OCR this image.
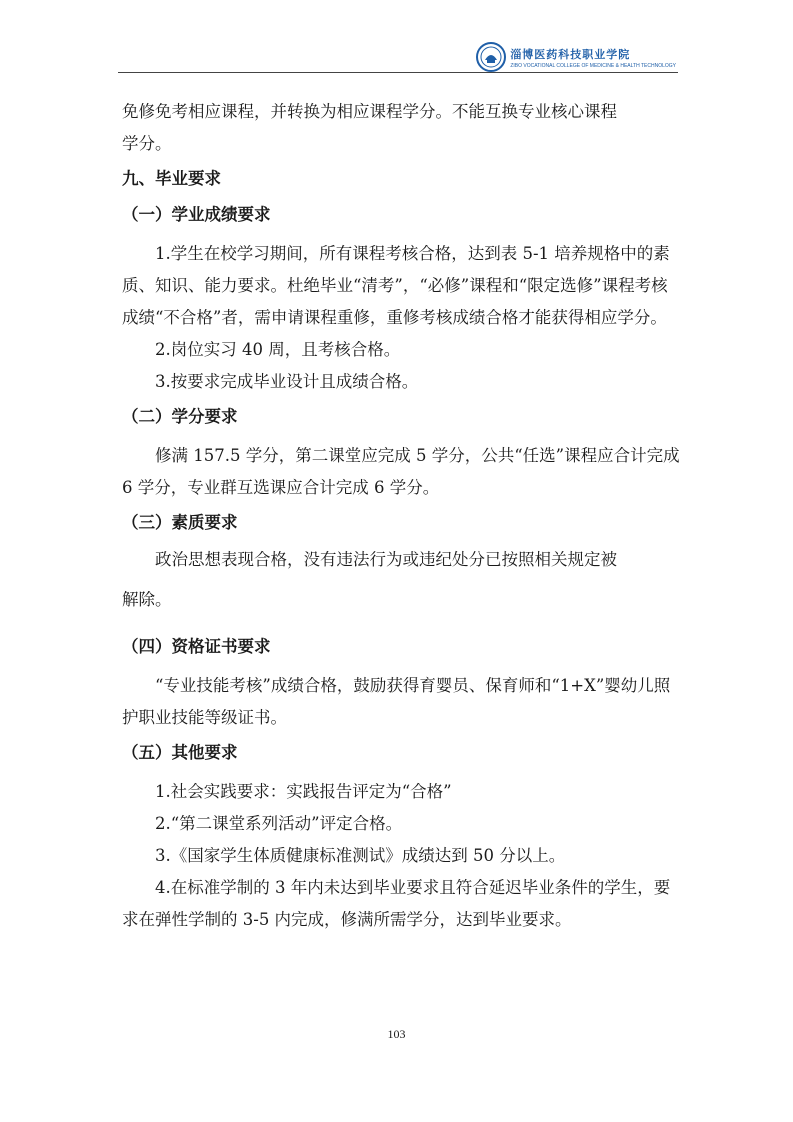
淄博医药科技职业学院
ZIBO VOCATIONAL COLLEGE OF MEDICINE & HEALTH TECHNOLOGY

免修免考相应课程，并转换为相应课程学分。不能互换专业核心课程
学分。

九、毕业要求
（一）学业成绩要求

1.学生在校学习期间，所有课程考核合格，达到表 5-1 培养规格中的素质、知识、能力要求。杜绝毕业“清考”，“必修”课程和“限定选修”课程考核成绩“不合格”者，需申请课程重修，重修考核成绩合格才能获得相应学分。

2.岗位实习 40 周，且考核合格。

3.按要求完成毕业设计且成绩合格。

（二）学分要求

修满 157.5 学分，第二课堂应完成 5 学分，公共“任选”课程应合计完成 6 学分，专业群互选课应合计完成 6 学分。

（三）素质要求

政治思想表现合格，没有违法行为或违纪处分已按照相关规定被
解除。

（四）资格证书要求

“专业技能考核”成绩合格，鼓励获得育婴员、保育师和“1+X”婴幼儿照护职业技能等级证书。

（五）其他要求

1.社会实践要求：实践报告评定为“合格”

2.“第二课堂系列活动”评定合格。

3.《国家学生体质健康标准测试》成绩达到 50 分以上。

4.在标准学制的 3 年内未达到毕业要求且符合延迟毕业条件的学生，要求在弹性学制的 3-5 内完成，修满所需学分，达到毕业要求。

103
